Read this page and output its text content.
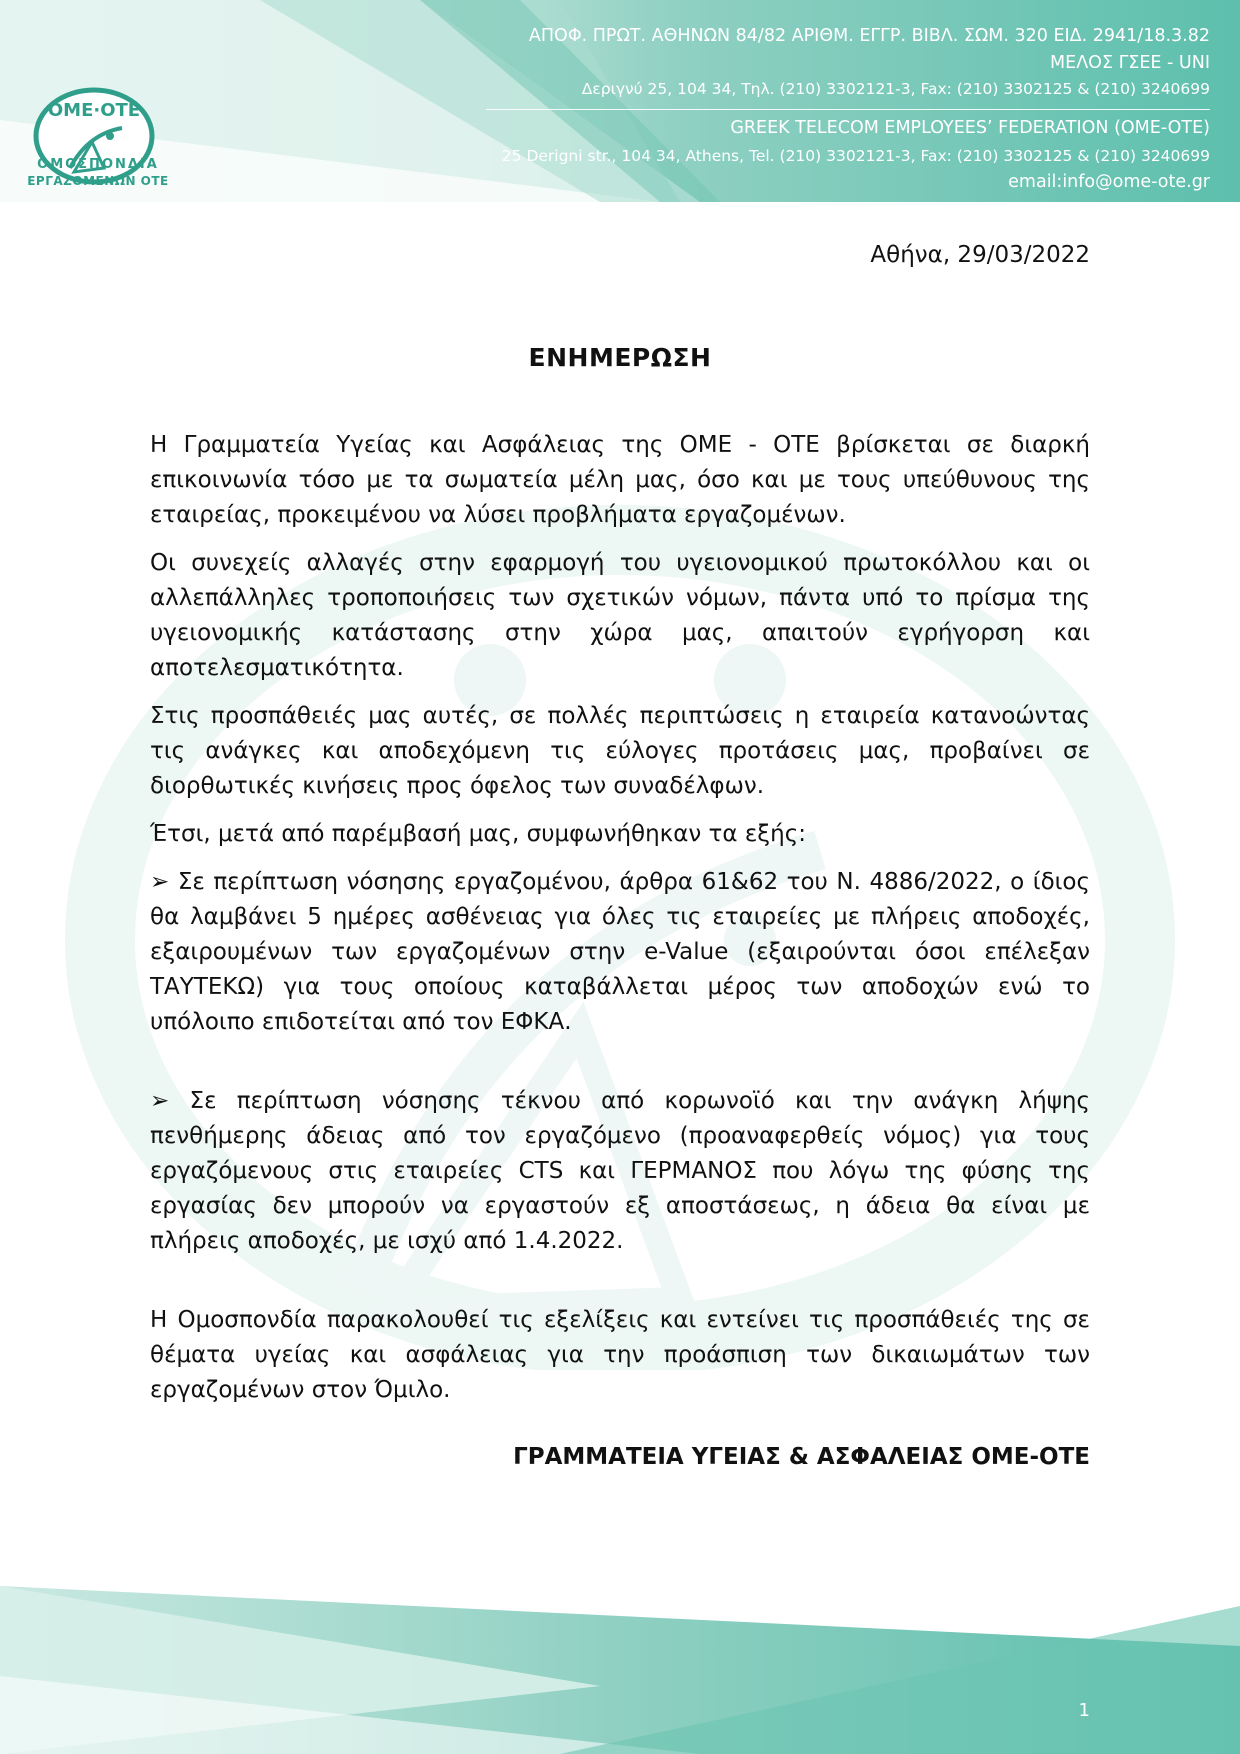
ΟΜΕ·ΟΤΕ
ΟΜΟΣΠΟΝΔΙΑ
ΕΡΓΑΖΟΜΕΝΩΝ ΟΤΕ
ΑΠΟΦ. ΠΡΩΤ. ΑΘΗΝΩΝ 84/82 ΑΡΙΘΜ. ΕΓΓΡ. ΒΙΒΛ. ΣΩΜ. 320 ΕΙΔ. 2941/18.3.82
ΜΕΛΟΣ ΓΣΕΕ - UNI
Δεριγνύ 25, 104 34, Τηλ. (210) 3302121-3, Fax: (210) 3302125 & (210) 3240699
GREEK TELECOM EMPLOYEES’ FEDERATION (OME-OTE)
25 Derigni str., 104 34, Athens, Tel. (210) 3302121-3, Fax: (210) 3302125 & (210) 3240699
email:info@ome-ote.gr
Αθήνα, 29/03/2022
ΕΝΗΜΕΡΩΣΗ

Η Γραμματεία Υγείας και Ασφάλειας της ΟΜΕ - ΟΤΕ βρίσκεται σε διαρκή επικοινωνία τόσο με τα σωματεία μέλη μας, όσο και με τους υπεύθυνους της εταιρείας, προκειμένου να λύσει προβλήματα εργαζομένων.

Οι συνεχείς αλλαγές στην εφαρμογή του υγειονομικού πρωτοκόλλου και οι αλλεπάλληλες τροποποιήσεις των σχετικών νόμων, πάντα υπό το πρίσμα της υγειονομικής κατάστασης στην χώρα μας, απαιτούν εγρήγορση και αποτελεσματικότητα.

Στις προσπάθειές μας αυτές, σε πολλές περιπτώσεις η εταιρεία κατανοώντας τις ανάγκες και αποδεχόμενη τις εύλογες προτάσεις μας, προβαίνει σε διορθωτικές κινήσεις προς όφελος των συναδέλφων.

Έτσι, μετά από παρέμβασή μας, συμφωνήθηκαν τα εξής:

➢ Σε περίπτωση νόσησης εργαζομένου, άρθρα 61&62 του Ν. 4886/2022, ο ίδιος θα λαμβάνει 5 ημέρες ασθένειας για όλες τις εταιρείες με πλήρεις αποδοχές, εξαιρουμένων των εργαζομένων στην e-Value (εξαιρούνται όσοι επέλεξαν ΤΑΥΤΕΚΩ) για τους οποίους καταβάλλεται μέρος των αποδοχών ενώ το υπόλοιπο επιδοτείται από τον ΕΦΚΑ.

➢ Σε περίπτωση νόσησης τέκνου από κορωνοϊό και την ανάγκη λήψης πενθήμερης άδειας από τον εργαζόμενο (προαναφερθείς νόμος) για τους εργαζόμενους στις εταιρείες CTS και ΓΕΡΜΑΝΟΣ που λόγω της φύσης της εργασίας δεν μπορούν να εργαστούν εξ αποστάσεως, η άδεια θα είναι με πλήρεις αποδοχές, με ισχύ από 1.4.2022.

Η Ομοσπονδία παρακολουθεί τις εξελίξεις και εντείνει τις προσπάθειές της σε θέματα υγείας και ασφάλειας για την προάσπιση των δικαιωμάτων των εργαζομένων στον Όμιλο.

ΓΡΑΜΜΑΤΕΙΑ ΥΓΕΙΑΣ & ΑΣΦΑΛΕΙΑΣ ΟΜΕ-ΟΤΕ
1
